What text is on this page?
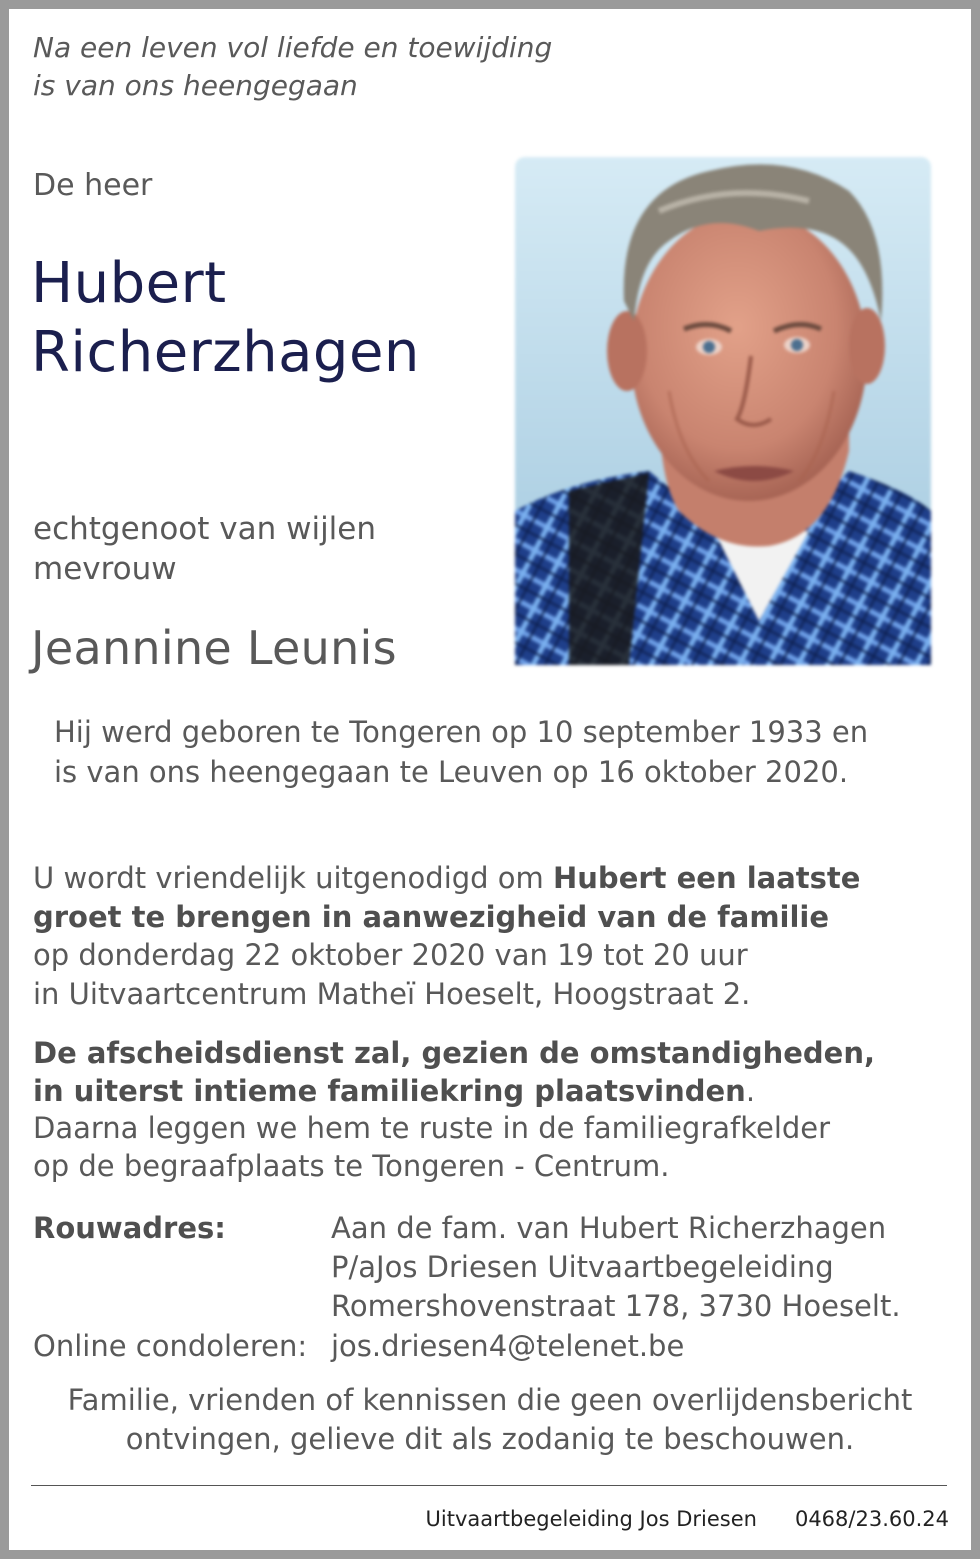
Na een leven vol liefde en toewijding
is van ons heengegaan
De heer
Hubert
Richerzhagen
echtgenoot van wijlen
mevrouw
Jeannine Leunis
Hij werd geboren te Tongeren op 10 september 1933 en
is van ons heengegaan te Leuven op 16 oktober 2020.
U wordt vriendelijk uitgenodigd om Hubert een laatste
groet te brengen in aanwezigheid van de familie
op donderdag 22 oktober 2020 van 19 tot 20 uur
in Uitvaartcentrum Matheï Hoeselt, Hoogstraat 2.
De afscheidsdienst zal, gezien de omstandigheden,
in uiterst intieme familiekring plaatsvinden.
Daarna leggen we hem te ruste in de familiegrafkelder
op de begraafplaats te Tongeren - Centrum.
Rouwadres:	Aan de fam. van Hubert Richerzhagen
P/aJos Driesen Uitvaartbegeleiding
Romershovenstraat 178, 3730 Hoeselt.
Online condoleren: jos.driesen4@telenet.be
Familie, vrienden of kennissen die geen overlijdensbericht
ontvingen, gelieve dit als zodanig te beschouwen.
Uitvaartbegeleiding Jos Driesen 0468/23.60.24
